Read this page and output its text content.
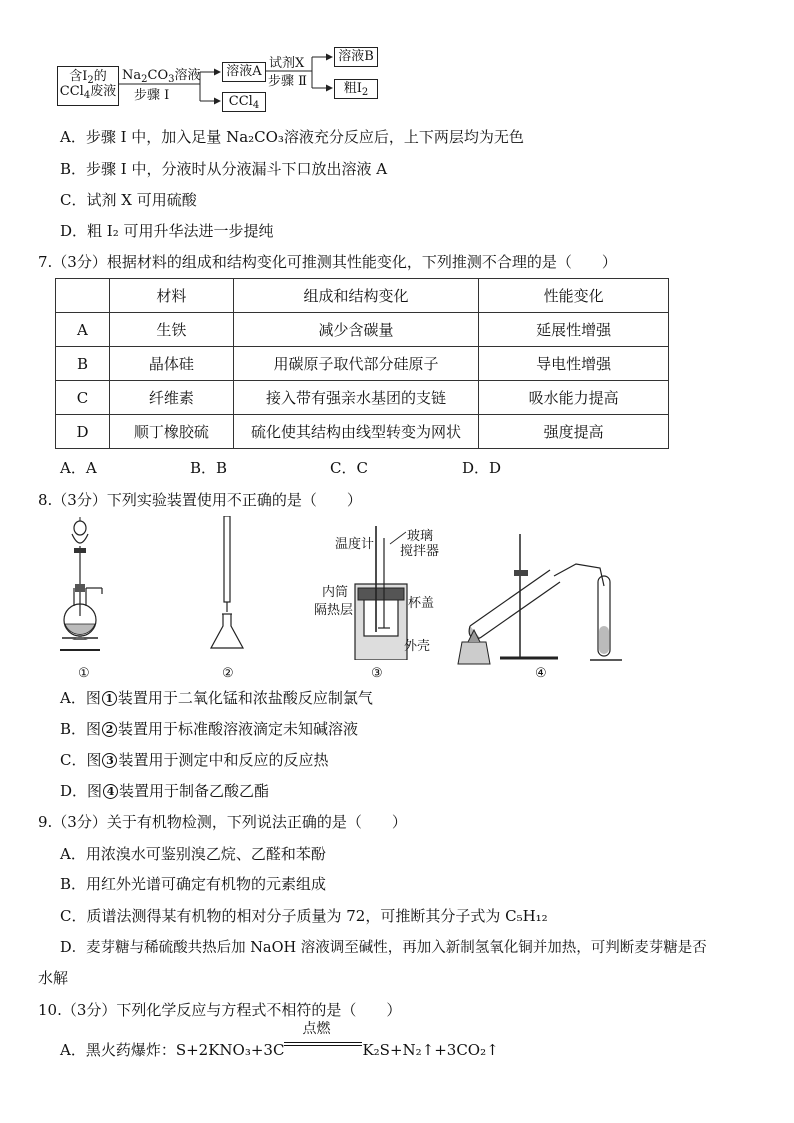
含$I_2$的
CCl$_4$废液
$Na_2CO_3$溶液
步骤 I
溶液A
CCl$_4$
试剂X
步骤 Ⅱ
溶液B
粗$I_2$
A．步骤 I 中，加入足量 Na₂CO₃溶液充分反应后，上下两层均为无色
B．步骤 I 中，分液时从分液漏斗下口放出溶液 A
C．试剂 X 可用硫酸
D．粗 I₂ 可用升华法进一步提纯
7.（3分）根据材料的组成和结构变化可推测其性能变化，下列推测不合理的是（　　）
	材料	组成和结构变化	性能变化
A	生铁	减少含碳量	延展性增强
B	晶体硅	用碳原子取代部分硅原子	导电性增强
C	纤维素	接入带有强亲水基团的支链	吸水能力提高
D	顺丁橡胶硫	硫化使其结构由线型转变为网状	强度提高
A．A	B．B	C．C	D．D
8.（3分）下列实验装置使用不正确的是（　　）
温度计
玻璃
搅拌器
内筒
杯盖
隔热层
外壳
①	②	③	④
A．图 1 装置用于二氧化锰和浓盐酸反应制氯气
B．图 2 装置用于标准酸溶液滴定未知碱溶液
C．图 3 装置用于测定中和反应的反应热
D．图 4 装置用于制备乙酸乙酯
9.（3分）关于有机物检测，下列说法正确的是（　　）
A．用浓溴水可鉴别溴乙烷、乙醛和苯酚
B．用红外光谱可确定有机物的元素组成
C．质谱法测得某有机物的相对分子质量为 72，可推断其分子式为 C₅H₁₂
D．麦芽糖与稀硫酸共热后加 NaOH 溶液调至碱性，再加入新制氢氧化铜并加热，可判断麦芽糖是否
水解
10.（3分）下列化学反应与方程式不相符的是（　　）
A．黑火药爆炸：S+2KNO₃+3C
点燃
K₂S+N₂↑+3CO₂↑
